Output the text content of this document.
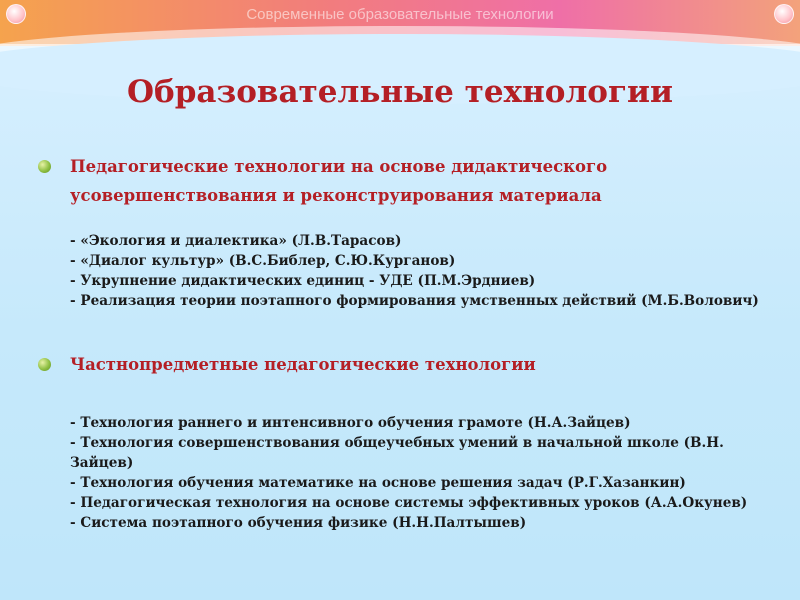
Современные образовательные технологии
Образовательные технологии
Педагогические технологии на основе дидактического
усовершенствования и реконструирования материала
- «Экология и диалектика» (Л.В.Тарасов)
- «Диалог культур» (В.С.Библер, С.Ю.Курганов)
- Укрупнение дидактических единиц - УДЕ (П.М.Эрдниев)
- Реализация теории поэтапного формирования умственных действий (М.Б.Волович)
Частнопредметные педагогические технологии
- Технология раннего и интенсивного обучения грамоте (Н.А.Зайцев)
- Технология совершенствования общеучебных умений в начальной школе (В.Н. Зайцев)
- Технология обучения математике на основе решения задач (Р.Г.Хазанкин)
- Педагогическая технология на основе системы эффективных уроков (А.А.Окунев)
- Система поэтапного обучения физике (Н.Н.Палтышев)
